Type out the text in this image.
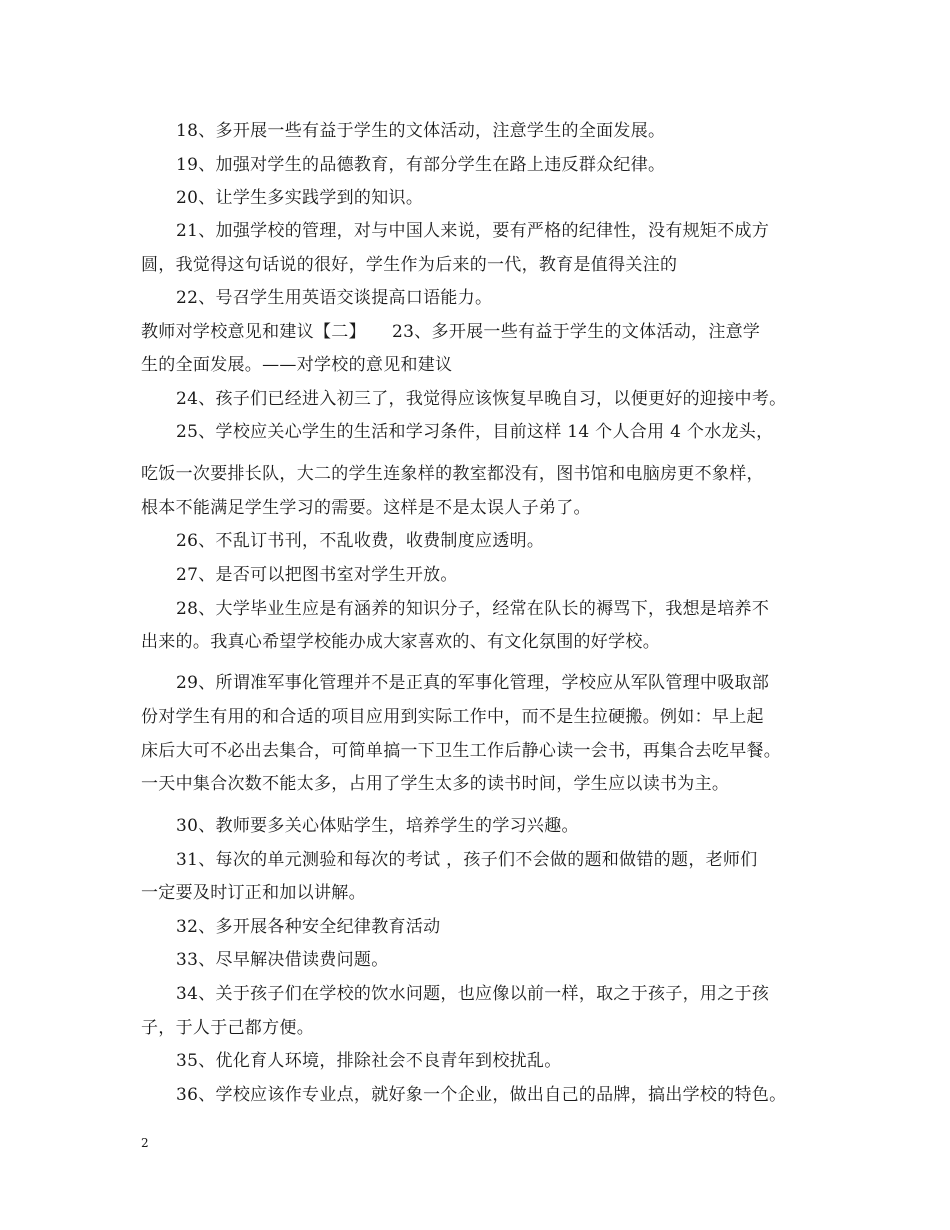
18、多开展一些有益于学生的文体活动，注意学生的全面发展。
19、加强对学生的品德教育，有部分学生在路上违反群众纪律。
20、让学生多实践学到的知识。
21、加强学校的管理，对与中国人来说，要有严格的纪律性，没有规矩不成方
圆，我觉得这句话说的很好，学生作为后来的一代，教育是值得关注的
22、号召学生用英语交谈提高口语能力。
教师对学校意见和建议【二】　　23、多开展一些有益于学生的文体活动，注意学
生的全面发展。——对学校的意见和建议
24、孩子们已经进入初三了，我觉得应该恢复早晚自习，以便更好的迎接中考。
25、学校应关心学生的生活和学习条件，目前这样 14 个人合用 4 个水龙头，
吃饭一次要排长队，大二的学生连象样的教室都没有，图书馆和电脑房更不象样，
根本不能满足学生学习的需要。这样是不是太误人子弟了。
26、不乱订书刊，不乱收费，收费制度应透明。
27、是否可以把图书室对学生开放。
28、大学毕业生应是有涵养的知识分子，经常在队长的褥骂下，我想是培养不
出来的。我真心希望学校能办成大家喜欢的、有文化氛围的好学校。
29、所谓准军事化管理并不是正真的军事化管理，学校应从军队管理中吸取部
份对学生有用的和合适的项目应用到实际工作中，而不是生拉硬搬。例如：早上起
床后大可不必出去集合，可简单搞一下卫生工作后静心读一会书，再集合去吃早餐。
一天中集合次数不能太多，占用了学生太多的读书时间，学生应以读书为主。
30、教师要多关心体贴学生，培养学生的学习兴趣。
31、每次的单元测验和每次的考试 ，孩子们不会做的题和做错的题，老师们
一定要及时订正和加以讲解。
32、多开展各种安全纪律教育活动
33、尽早解决借读费问题。
34、关于孩子们在学校的饮水问题，也应像以前一样，取之于孩子，用之于孩
子，于人于己都方便。
35、优化育人环境，排除社会不良青年到校扰乱。
36、学校应该作专业点，就好象一个企业，做出自己的品牌，搞出学校的特色。
2
